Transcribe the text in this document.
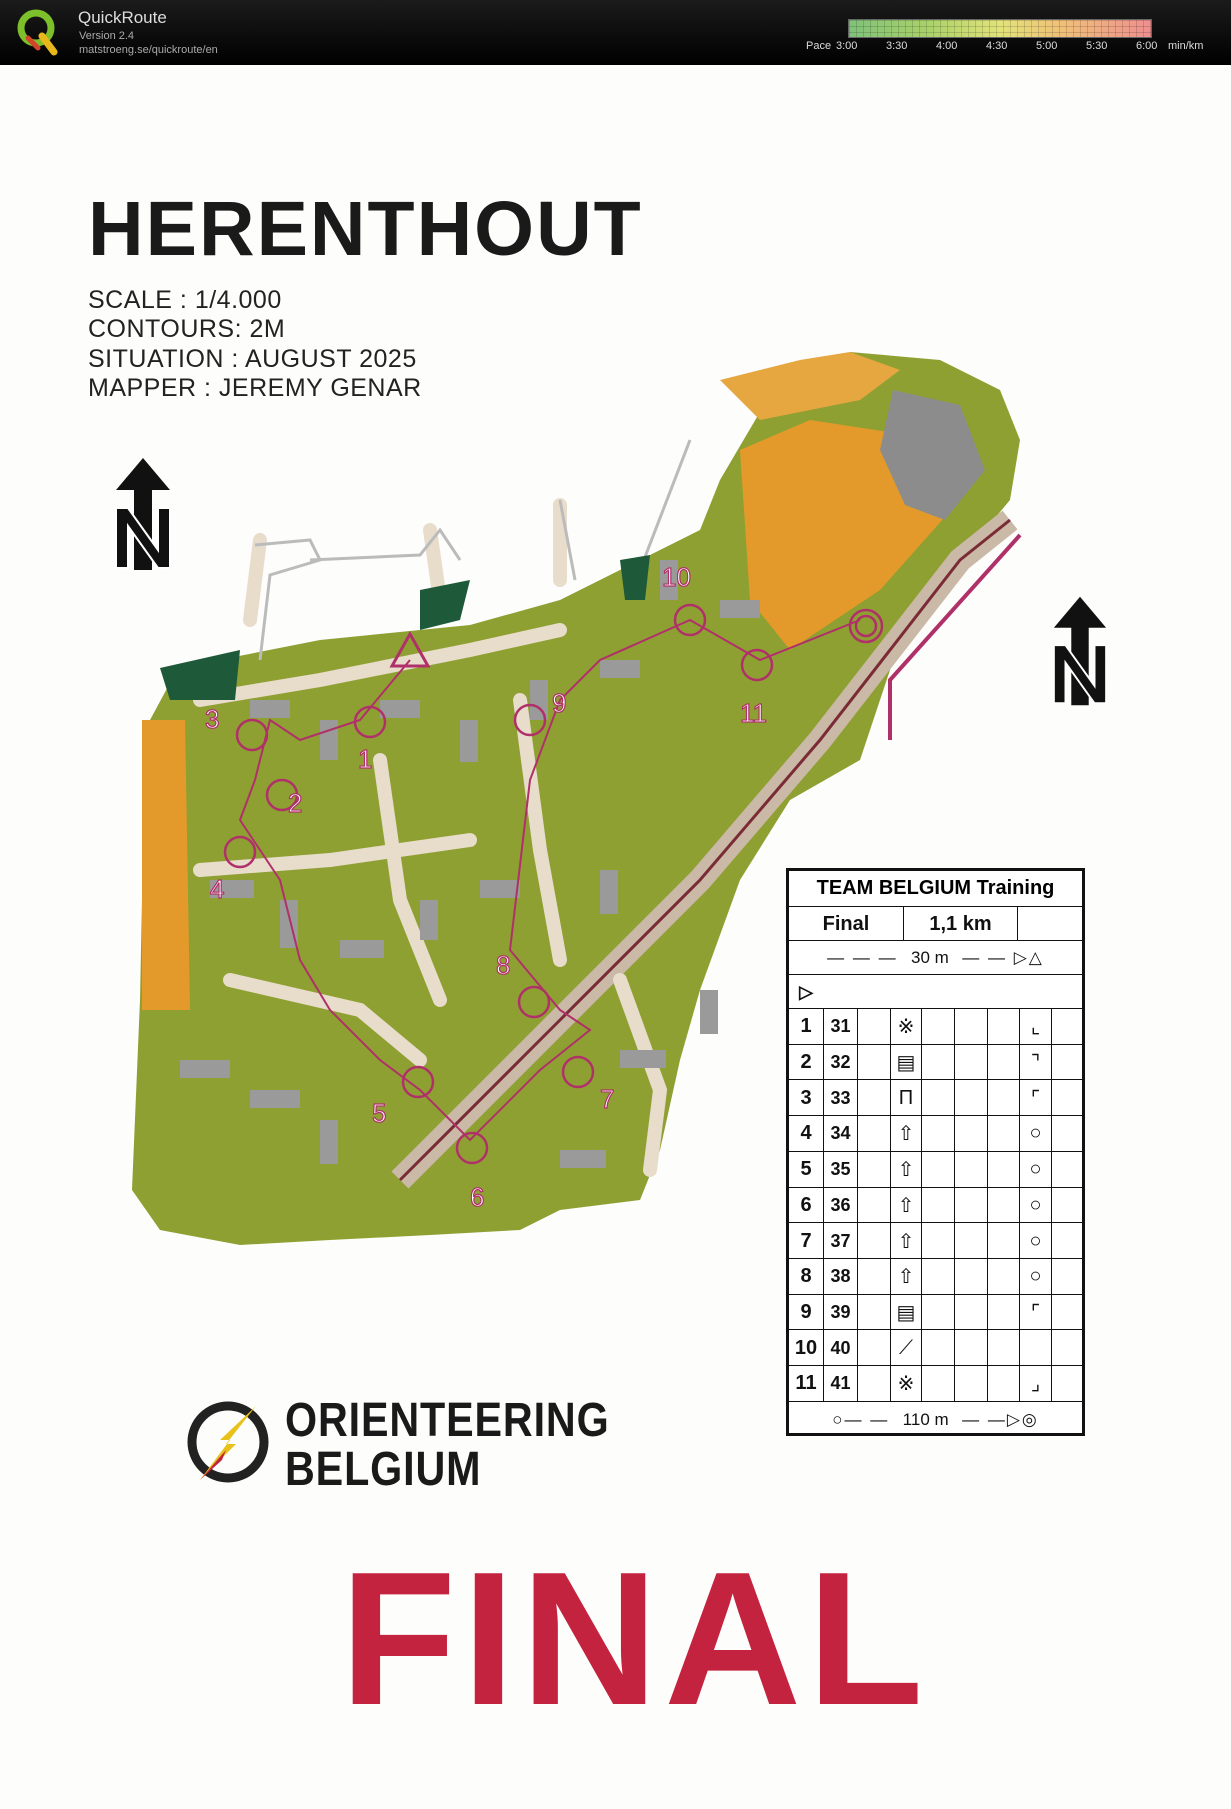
QuickRoute
Version 2.4
matstroeng.se/quickroute/en	Pace 3:00	3:30	4:00	4:30	5:00	5:30	6:00 min/km
HERENTHOUT
SCALE : 1/4.000
CONTOURS: 2M
SITUATION : AUGUST 2025
MAPPER : JEREMY GENAR
1
2
3
4
5
6
7
8
9
10
11
TEAM BELGIUM Training
Final	1,1 km
— — — 30 m — — ▷△
▷
1	31	※	⌞
2	32	▤	⌝
3	33	Π	⌜
4	34	⇧	○
5	35	⇧	○
6	36	⇧	○
7	37	⇧	○
8	38	⇧	○
9	39	▤	⌜
10 40	⟋
11 41	※	⌟
○— — 110 m — —▷◎
ORIENTEERING
BELGIUM
FINAL
